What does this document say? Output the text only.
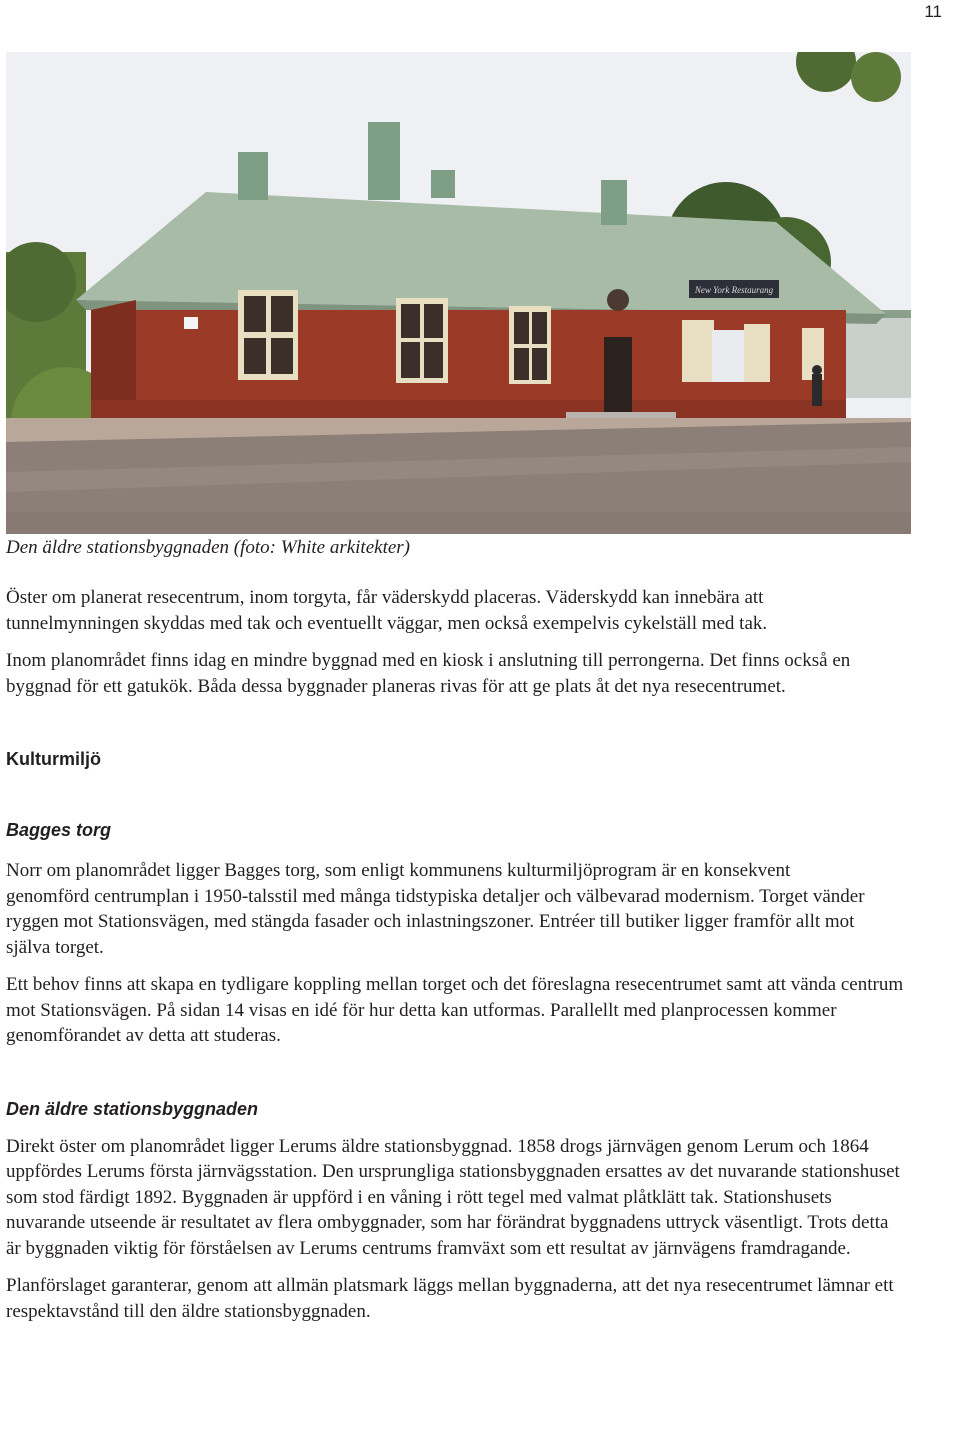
11
New York Restaurang
Den äldre stationsbyggnaden (foto: White arkitekter)

Öster om planerat resecentrum, inom torgyta, får väderskydd placeras. Väderskydd kan innebära att tunnelmynningen skyddas med tak och eventuellt väggar, men också exempelvis cykelställ med tak.

Inom planområdet finns idag en mindre byggnad med en kiosk i anslutning till perrongerna. Det finns också en byggnad för ett gatukök. Båda dessa byggnader planeras rivas för att ge plats åt det nya resecentrumet.

Kulturmiljö
Bagges torg

Norr om planområdet ligger Bagges torg, som enligt kommunens kulturmiljöprogram är en konsekvent genomförd centrumplan i 1950-talsstil med många tidstypiska detaljer och välbevarad modernism. Torget vänder ryggen mot Stationsvägen, med stängda fasader och inlastningszoner. Entréer till butiker ligger framför allt mot själva torget.

Ett behov finns att skapa en tydligare koppling mellan torget och det föreslagna resecentrumet samt att vända centrum mot Stationsvägen. På sidan 14 visas en idé för hur detta kan utformas. Parallellt med planprocessen kommer genomförandet av detta att studeras.

Den äldre stationsbyggnaden

Direkt öster om planområdet ligger Lerums äldre stationsbyggnad. 1858 drogs järnvägen genom Lerum och 1864 uppfördes Lerums första järnvägsstation. Den ursprungliga stationsbyggnaden ersattes av det nuvarande stationshuset som stod färdigt 1892. Byggnaden är uppförd i en våning i rött tegel med valmat plåtklätt tak. Stationshusets nuvarande utseende är resultatet av flera ombyggnader, som har förändrat byggnadens uttryck väsentligt. Trots detta är byggnaden viktig för förståelsen av Lerums centrums framväxt som ett resultat av järnvägens framdragande.

Planförslaget garanterar, genom att allmän platsmark läggs mellan byggnaderna, att det nya resecentrumet lämnar ett respektavstånd till den äldre stationsbyggnaden.
